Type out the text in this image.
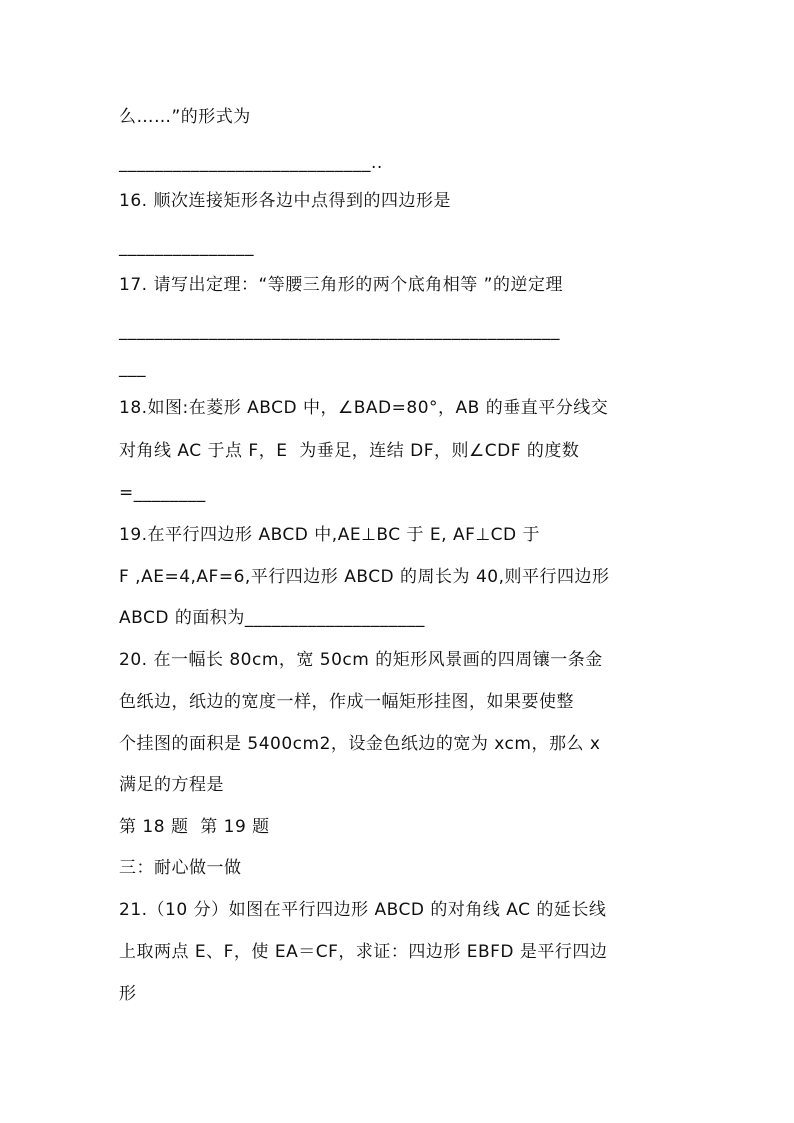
么……”的形式为
____________________________..
16. 顺次连接矩形各边中点得到的四边形是
_______________
17. 请写出定理：“等腰三角形的两个底角相等 ”的逆定理
_________________________________________________
___
18.如图:在菱形 ABCD 中，∠BAD=80°，AB 的垂直平分线交
对角线 AC 于点 F，E  为垂足，连结 DF，则∠CDF 的度数
=________
19.在平行四边形 ABCD 中,AE⊥BC 于 E, AF⊥CD 于
F ,AE=4,AF=6,平行四边形 ABCD 的周长为 40,则平行四边形
ABCD 的面积为____________________
20. 在一幅长 80cm，宽 50cm 的矩形风景画的四周镶一条金
色纸边，纸边的宽度一样，作成一幅矩形挂图，如果要使整
个挂图的面积是 5400cm2，设金色纸边的宽为 xcm，那么 x
满足的方程是
第 18 题  第 19 题
三：耐心做一做
21.（10 分）如图在平行四边形 ABCD 的对角线 AC 的延长线
上取两点 E、F，使 EA＝CF，求证：四边形 EBFD 是平行四边
形
